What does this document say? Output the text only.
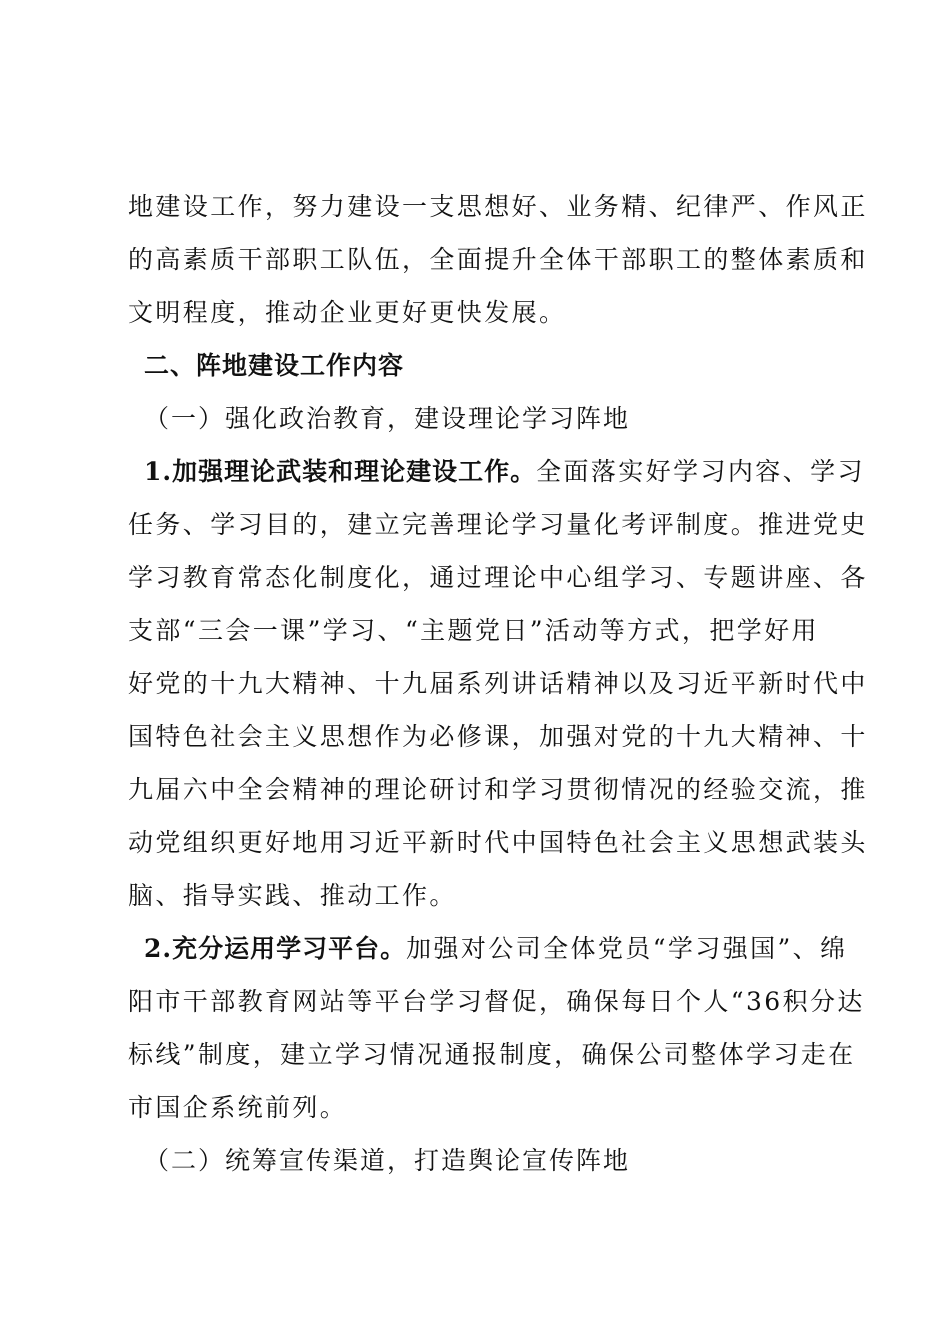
地建设工作，努力建设一支思想好、业务精、纪律严、作风正
的高素质干部职工队伍，全面提升全体干部职工的整体素质和
文明程度，推动企业更好更快发展。
二、阵地建设工作内容
（一）强化政治教育，建设理论学习阵地
1.加强理论武装和理论建设工作。全面落实好学习内容、学习
任务、学习目的，建立完善理论学习量化考评制度。推进党史
学习教育常态化制度化，通过理论中心组学习、专题讲座、各
支部“三会一课”学习、“主题党日”活动等方式，把学好用
好党的十九大精神、十九届系列讲话精神以及习近平新时代中
国特色社会主义思想作为必修课，加强对党的十九大精神、十
九届六中全会精神的理论研讨和学习贯彻情况的经验交流，推
动党组织更好地用习近平新时代中国特色社会主义思想武装头
脑、指导实践、推动工作。
2.充分运用学习平台。加强对公司全体党员“学习强国”、绵
阳市干部教育网站等平台学习督促，确保每日个人“36积分达
标线”制度，建立学习情况通报制度，确保公司整体学习走在
市国企系统前列。
（二）统筹宣传渠道，打造舆论宣传阵地
